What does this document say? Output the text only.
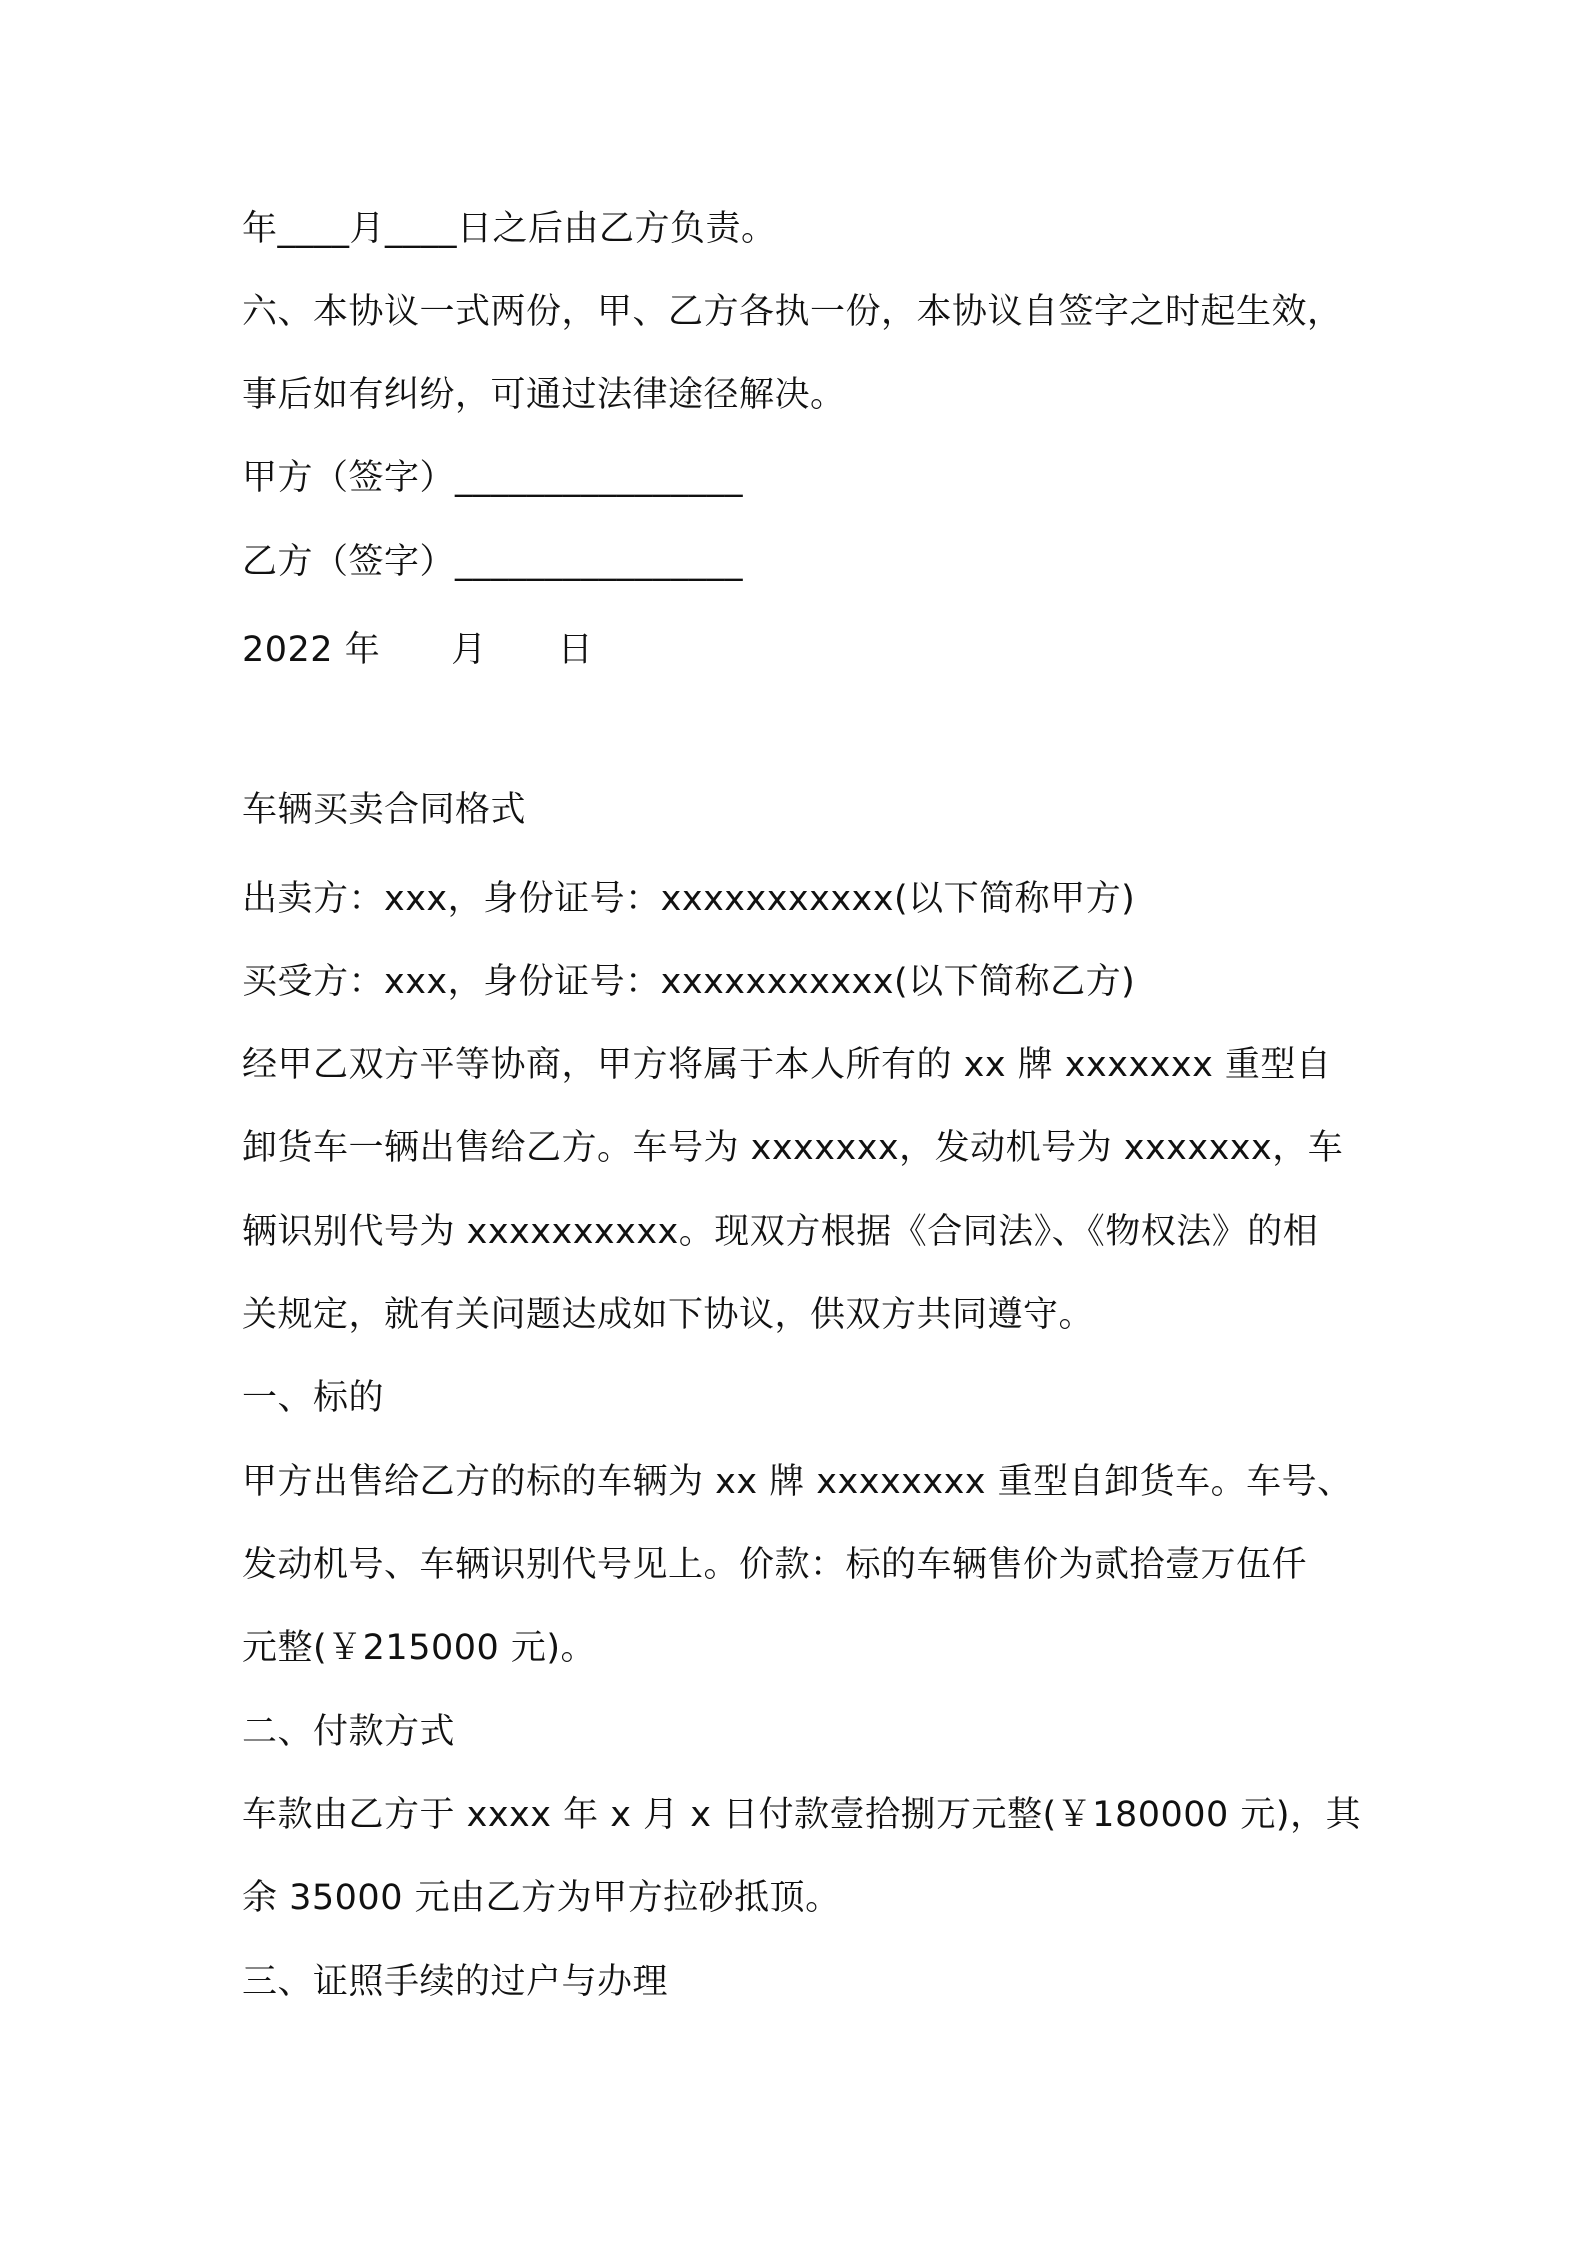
年____月____日之后由乙方负责。
六、本协议一式两份，甲、乙方各执一份，本协议自签字之时起生效，
事后如有纠纷，可通过法律途径解决。
甲方（签字）________________
乙方（签字）________________
2022 年　　月　　日
车辆买卖合同格式
出卖方：xxx，身份证号：xxxxxxxxxxx(以下简称甲方)
买受方：xxx，身份证号：xxxxxxxxxxx(以下简称乙方)
经甲乙双方平等协商，甲方将属于本人所有的 xx 牌 xxxxxxx 重型自
卸货车一辆出售给乙方。车号为 xxxxxxx，发动机号为 xxxxxxx，车
辆识别代号为 xxxxxxxxxx。现双方根据《合同法》、《物权法》的相
关规定，就有关问题达成如下协议，供双方共同遵守。
一、标的
甲方出售给乙方的标的车辆为 xx 牌 xxxxxxxx 重型自卸货车。车号、
发动机号、车辆识别代号见上。价款：标的车辆售价为贰拾壹万伍仟
元整(￥215000 元)。
二、付款方式
车款由乙方于 xxxx 年 x 月 x 日付款壹拾捌万元整(￥180000 元)，其
余 35000 元由乙方为甲方拉砂抵顶。
三、证照手续的过户与办理
